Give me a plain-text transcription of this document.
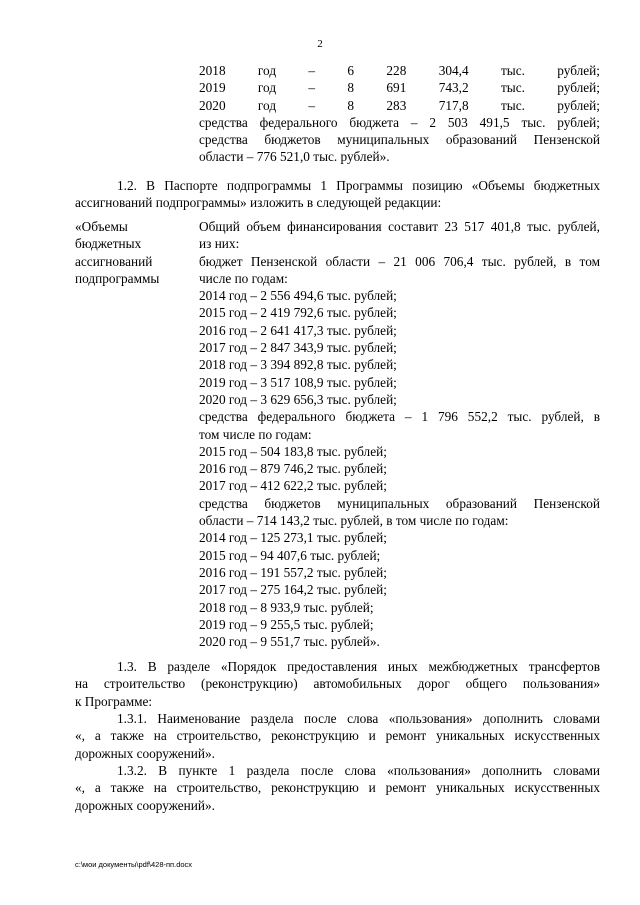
2
2018 год – 6 228 304,4 тыс. рублей;
2019 год – 8 691 743,2 тыс. рублей;
2020 год – 8 283 717,8 тыс. рублей;
средства федерального бюджета – 2 503 491,5 тыс. рублей;
средства бюджетов муниципальных образований Пензенской
области – 776 521,0 тыс. рублей».
1.2. В Паспорте подпрограммы 1 Программы позицию «Объемы бюджетных
ассигнований подпрограммы» изложить в следующей редакции:
«Объемы
бюджетных
ассигнований
подпрограммы
Общий объем финансирования составит 23 517 401,8 тыс. рублей,
из них:
бюджет Пензенской области – 21 006 706,4 тыс. рублей, в том
числе по годам:
2014 год – 2 556 494,6 тыс. рублей;
2015 год – 2 419 792,6 тыс. рублей;
2016 год – 2 641 417,3 тыс. рублей;
2017 год – 2 847 343,9 тыс. рублей;
2018 год – 3 394 892,8 тыс. рублей;
2019 год – 3 517 108,9 тыс. рублей;
2020 год – 3 629 656,3 тыс. рублей;
средства федерального бюджета – 1 796 552,2 тыс. рублей, в
том числе по годам:
2015 год – 504 183,8 тыс. рублей;
2016 год – 879 746,2 тыс. рублей;
2017 год – 412 622,2 тыс. рублей;
средства бюджетов муниципальных образований Пензенской
области – 714 143,2 тыс. рублей, в том числе по годам:
2014 год – 125 273,1 тыс. рублей;
2015 год – 94 407,6 тыс. рублей;
2016 год – 191 557,2 тыс. рублей;
2017 год – 275 164,2 тыс. рублей;
2018 год – 8 933,9 тыс. рублей;
2019 год – 9 255,5 тыс. рублей;
2020 год – 9 551,7 тыс. рублей».
1.3. В разделе «Порядок предоставления иных межбюджетных трансфертов
на строительство (реконструкцию) автомобильных дорог общего пользования»
к Программе:
1.3.1. Наименование раздела после слова «пользования» дополнить словами
«, а также на строительство, реконструкцию и ремонт уникальных искусственных
дорожных сооружений».
1.3.2. В пункте 1 раздела после слова «пользования» дополнить словами
«, а также на строительство, реконструкцию и ремонт уникальных искусственных
дорожных сооружений».
c:\мои документы\pdf\428-пп.docx
